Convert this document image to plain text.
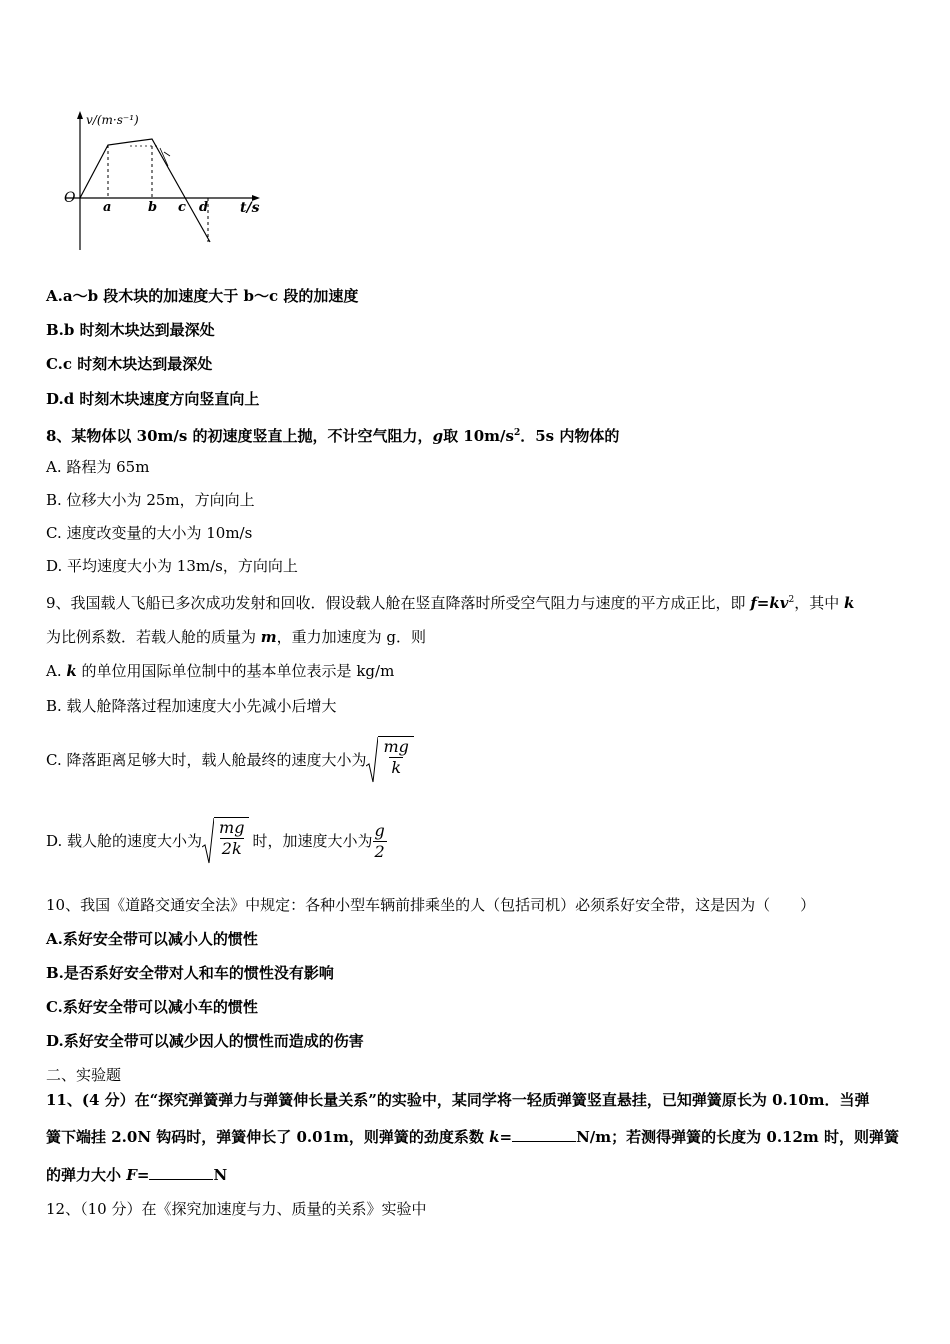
v/(m·s⁻¹)
O
a	b c d t/s
A.a～b 段木块的加速度大于 b～c 段的加速度
B.b 时刻木块达到最深处
C.c 时刻木块达到最深处
D.d 时刻木块速度方向竖直向上
8、某物体以 30m/s 的初速度竖直上抛，不计空气阻力，g取 $10m/s^2$．5s 内物体的
A. 路程为 65m
B. 位移大小为 25m，方向向上
C. 速度改变量的大小为 10m/s
D. 平均速度大小为 13m/s，方向向上
9、我国载人飞船已多次成功发射和回收．假设载人舱在竖直降落时所受空气阻力与速度的平方成正比，即 $f=kv^2$，其中 k
为比例系数．若载人舱的质量为 m，重力加速度为 g．则
A. k 的单位用国际单位制中的基本单位表示是 kg/m
B. 载人舱降落过程加速度大小先减小后增大
C. 降落距离足够大时，载人舱最终的速度大小为 $\frac{mg}{k}$
D. 载人舱的速度大小为 $\frac{mg}{2k}$ 时，加速度大小为 $\frac{g}{2}$
10、我国《道路交通安全法》中规定：各种小型车辆前排乘坐的人（包括司机）必须系好安全带，这是因为（　　）
A.系好安全带可以减小人的惯性
B.是否系好安全带对人和车的惯性没有影响
C.系好安全带可以减小车的惯性
D.系好安全带可以减少因人的惯性而造成的伤害
二、实验题
11、(4 分）在“探究弹簧弹力与弹簧伸长量关系”的实验中，某同学将一轻质弹簧竖直悬挂，已知弹簧原长为 0.10m．当弹
簧下端挂 2.0N 钩码时，弹簧伸长了 0.01m，则弹簧的劲度系数 k=	N/m；若测得弹簧的长度为 0.12m 时，则弹簧
的弹力大小 F=	N
12、（10 分）在《探究加速度与力、质量的关系》实验中
